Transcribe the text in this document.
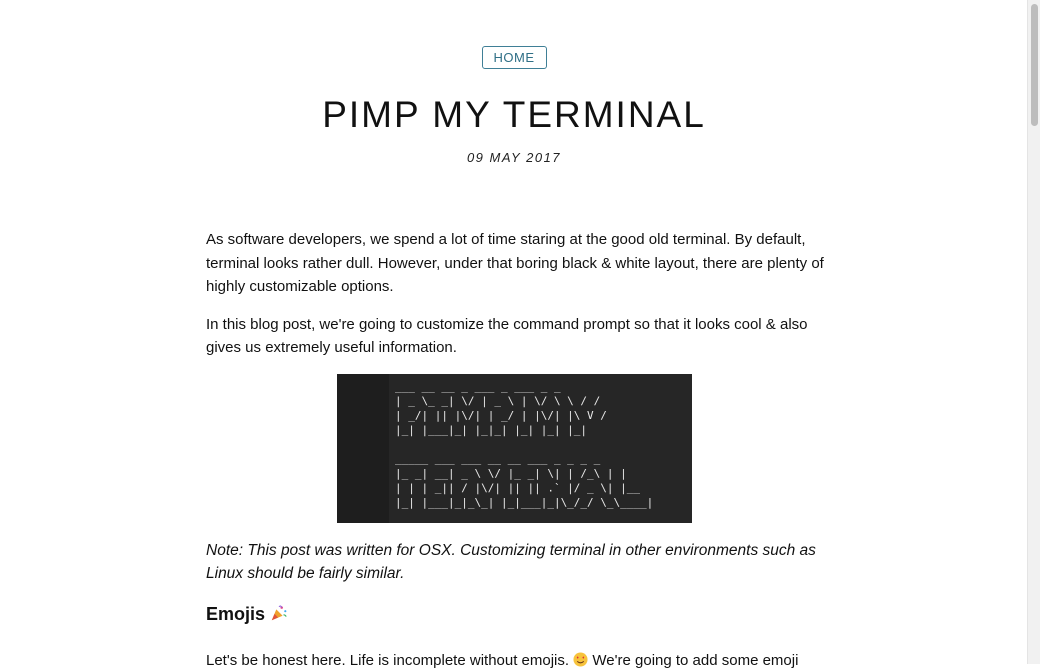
HOME
PIMP MY TERMINAL
09 MAY 2017

As software developers, we spend a lot of time staring at the good old terminal. By default, terminal looks rather dull. However, under that boring black & white layout, there are plenty of highly customizable options.

In this blog post, we're going to customize the command prompt so that it looks cool & also gives us extremely useful information.

___ __ __ _ ___ _ ___ _ _
| _ \_ _| \/ | _ \ | \/ \ \ / /
| _/| || |\/| | _/ | |\/| |\ V /
|_| |___|_| |_|_| |_| |_| |_|
_____ ___ ___ __ __ ___ _ _ _ _
|_ _| __| _ \ \/ |_ _| \| | /_\ | |
| | | _|| / |\/| || || .` |/ _ \| |__
|_| |___|_|_\_| |_|___|_|\_/_/ \_\____|

Note: This post was written for OSX. Customizing terminal in other environments such as Linux should be fairly similar.

Emojis
Let's be honest here. Life is incomplete without emojis.  We're going to add some emoji
